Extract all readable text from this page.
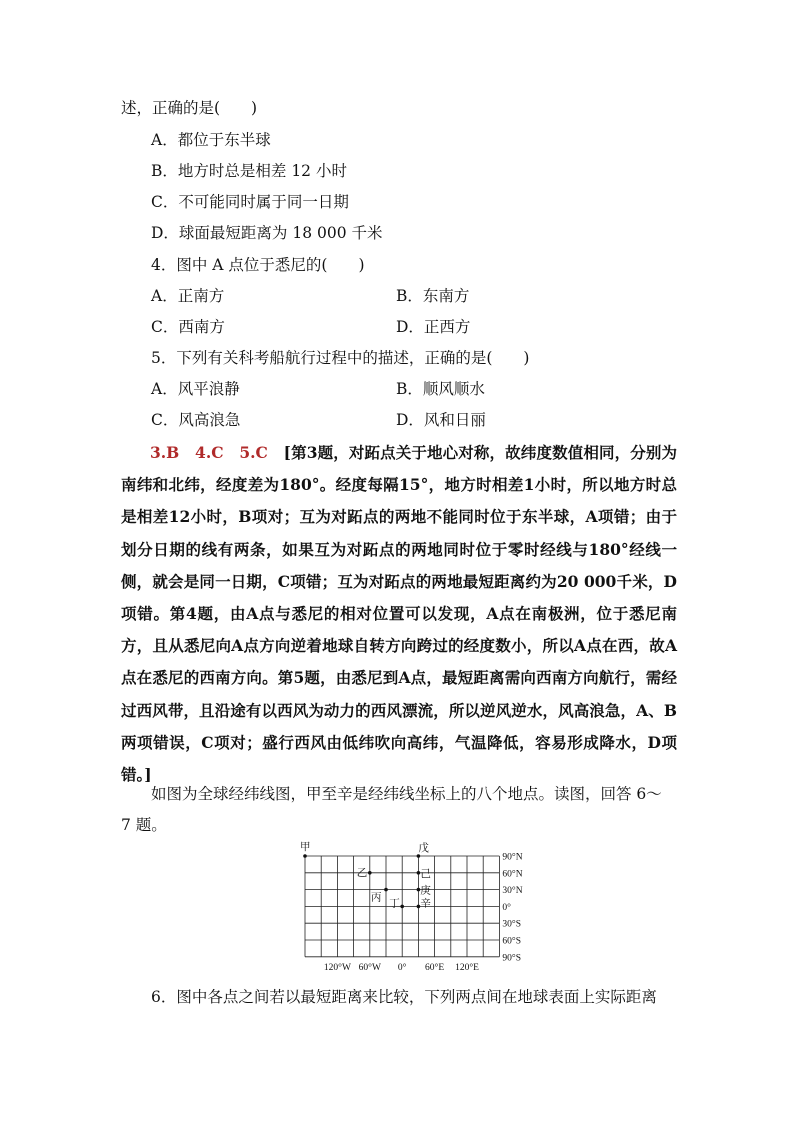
述，正确的是(　　)
A．都位于东半球
B．地方时总是相差 12 小时
C．不可能同时属于同一日期
D．球面最短距离为 18 000 千米
4．图中 A 点位于悉尼的(　　)
A．正南方	B．东南方
C．西南方	D．正西方
5．下列有关科考船航行过程中的描述，正确的是(　　)
A．风平浪静	B．顺风顺水
C．风高浪急	D．风和日丽
3.B　4.C　5.C　 [第3题，对跖点关于地心对称，故纬度数值相同，分别为南纬和北纬，经度差为180°。经度每隔15°，地方时相差1小时，所以地方时总是相差12小时，B项对；互为对跖点的两地不能同时位于东半球，A项错；由于划分日期的线有两条，如果互为对跖点的两地同时位于零时经线与180°经线一侧，就会是同一日期，C项错；互为对跖点的两地最短距离约为20 000千米，D项错。第4题，由A点与悉尼的相对位置可以发现，A点在南极洲，位于悉尼南方，且从悉尼向A点方向逆着地球自转方向跨过的经度数小，所以A点在西，故A点在悉尼的西南方向。第5题，由悉尼到A点，最短距离需向西南方向航行，需经过西风带，且沿途有以西风为动力的西风漂流，所以逆风逆水，风高浪急，A、B两项错误，C项对；盛行西风由低纬吹向高纬，气温降低，容易形成降水，D项错。]
如图为全球经纬线图，甲至辛是经纬线坐标上的八个地点。读图，回答 6～
7 题。
90°N
60°N
30°N
0°
30°S
60°S
90°S
120°W 60°W 0° 60°E 120°E
甲
乙
丙
丁
戊
己
庚
辛
6．图中各点之间若以最短距离来比较，下列两点间在地球表面上实际距离
